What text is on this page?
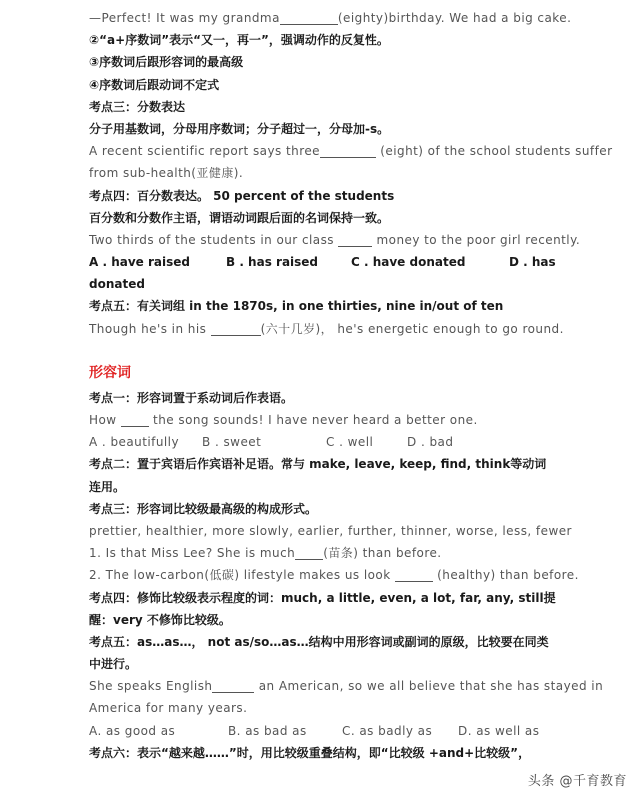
—Perfect! It was my grandma	(eighty)birthday. We had a big cake.
②“a+序数词”表示“又一，再一”，强调动作的反复性。
③序数词后跟形容词的最高级
④序数词后跟动词不定式
考点三：分数表达
分子用基数词，分母用序数词；分子超过一，分母加-s。
A recent scientific report says three	(eight) of the school students suffer
from sub-health(亚健康).
考点四：百分数表达。 50 percent of the students
百分数和分数作主语，谓语动词跟后面的名词保持一致。
Two thirds of the students in our class	money to the poor girl recently.
A . have raised	B . has raised	C . have donated	D . has
donated
考点五：有关词组 in the 1870s, in one thirties, nine in/out of ten
Though he's in his	(六十几岁)， he's energetic enough to go round.
形容词
考点一：形容词置于系动词后作表语。
How  the song sounds! I have never heard a better one.
A . beautifully B . sweet	C . well	D . bad
考点二：置于宾语后作宾语补足语。常与 make, leave, keep, find, think等动词
连用。
考点三：形容词比较级最高级的构成形式。
prettier, healthier, more slowly, earlier, further, thinner, worse, less, fewer
1. Is that Miss Lee? She is much (苗条) than before.
2. The low-carbon(低碳) lifestyle makes us look	(healthy) than before.
考点四：修饰比较级表示程度的词：much, a little, even, a lot, far, any, still提
醒：very 不修饰比较级。
考点五：as…as…， not as/so…as…结构中用形容词或副词的原级，比较要在同类
中进行。
She speaks English	an American, so we all believe that she has stayed in
America for many years.
A. as good as	B. as bad as	C. as badly as D. as well as
考点六：表示“越来越……”时，用比较级重叠结构，即“比较级 +and+比较级”，
头条 @千育教育
